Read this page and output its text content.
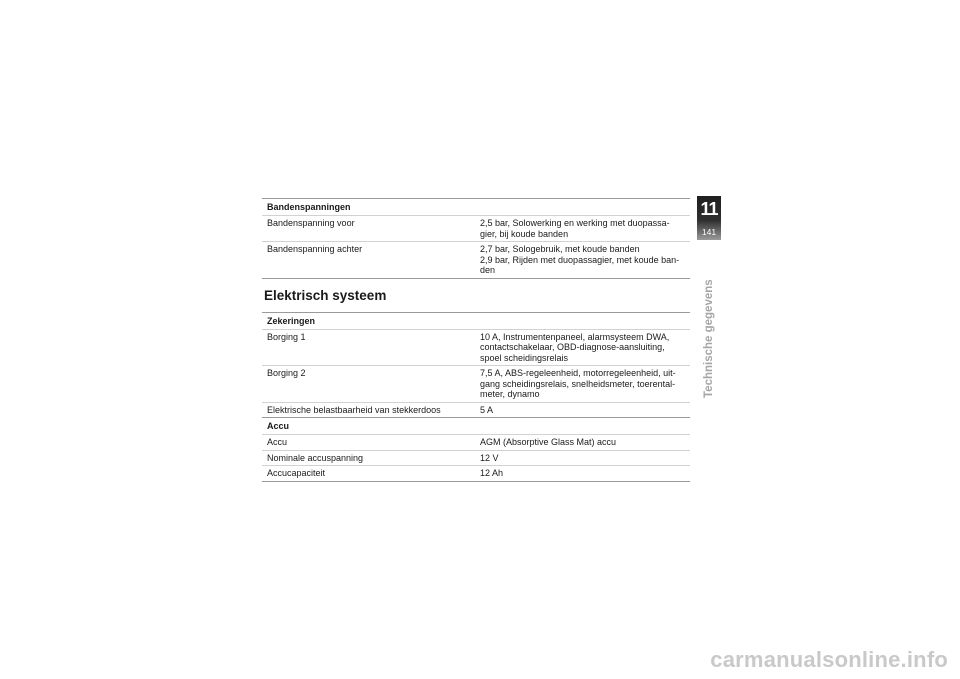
Bandenspanningen
Bandenspanning voor	2,5 bar, Solowerking en werking met duopassa-
gier, bij koude banden
Bandenspanning achter	2,7 bar, Sologebruik, met koude banden
2,9 bar, Rijden met duopassagier, met koude ban-
den
Elektrisch systeem
Zekeringen
Borging 1	10 A, Instrumentenpaneel, alarmsysteem DWA,
contactschakelaar, OBD-diagnose-aansluiting,
spoel scheidingsrelais
Borging 2	7,5 A, ABS-regeleenheid, motorregeleenheid, uit-
gang scheidingsrelais, snelheidsmeter, toerental-
meter, dynamo
Elektrische belastbaarheid van stekkerdoos	5 A
Accu
Accu	AGM (Absorptive Glass Mat) accu
Nominale accuspanning	12 V
Accucapaciteit	12 Ah
11
141
Technische gegevens
carmanualsonline.info
